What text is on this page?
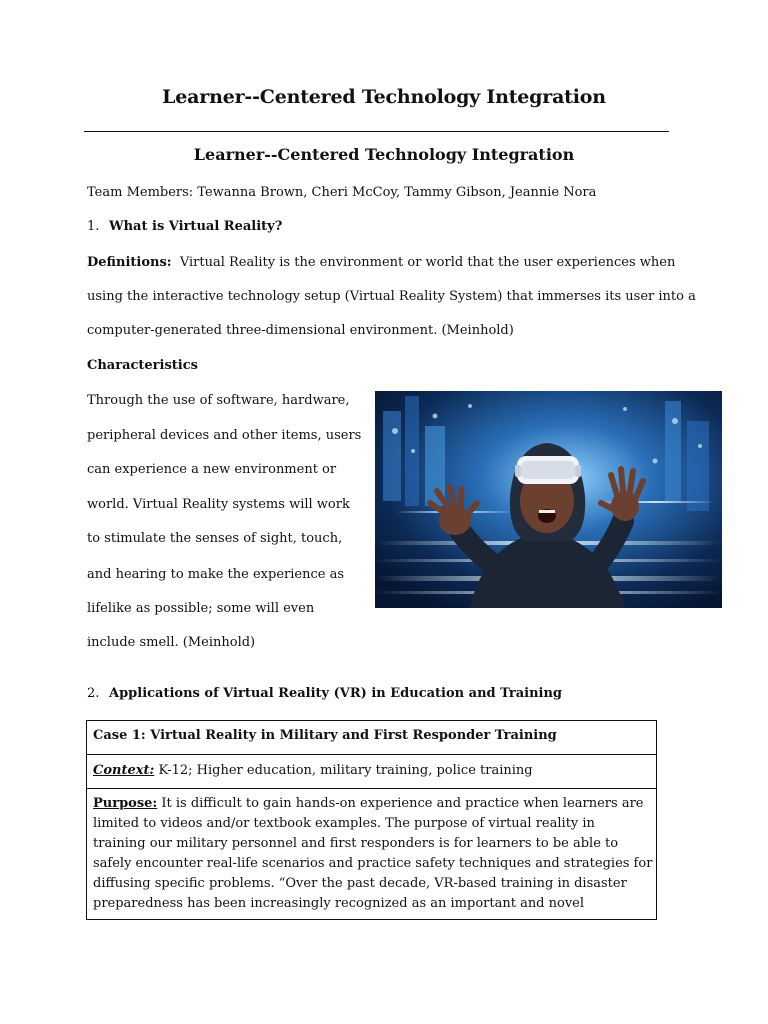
Learner--Centered Technology Integration
Learner--Centered Technology Integration
Team Members: Tewanna Brown, Cheri McCoy, Tammy Gibson, Jeannie Nora
1. What is Virtual Reality?
Definitions: Virtual Reality is the environment or world that the user experiences when
using the interactive technology setup (Virtual Reality System) that immerses its user into a
computer-generated three-dimensional environment. (Meinhold)
Characteristics
Through the use of software, hardware,
peripheral devices and other items, users
can experience a new environment or
world. Virtual Reality systems will work
to stimulate the senses of sight, touch,
and hearing to make the experience as
lifelike as possible; some will even
include smell. (Meinhold)
2. Applications of Virtual Reality (VR) in Education and Training
Case 1: Virtual Reality in Military and First Responder Training
Context: K-12; Higher education, military training, police training
Purpose: It is difficult to gain hands-on experience and practice when learners are
limited to videos and/or textbook examples. The purpose of virtual reality in
training our military personnel and first responders is for learners to be able to
safely encounter real-life scenarios and practice safety techniques and strategies for
diffusing specific problems. “Over the past decade, VR-based training in disaster
preparedness has been increasingly recognized as an important and novel
